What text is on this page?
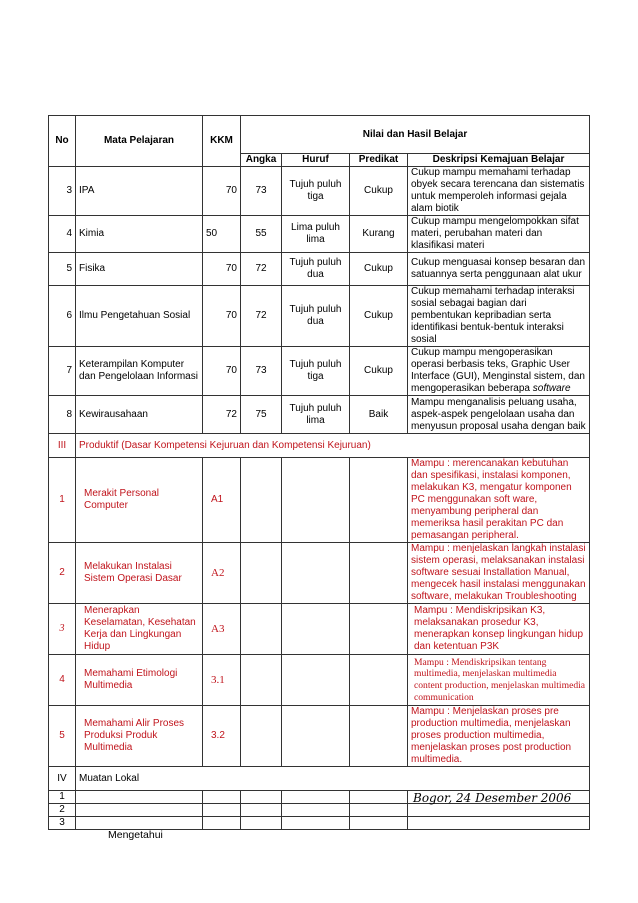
No	Mata Pelajaran	KKM	Nilai dan Hasil Belajar			
			Angka	Huruf	Predikat	Deskripsi Kemajuan Belajar
3	IPA	70	73	Tujuh puluh tiga	Cukup	Cukup mampu memahami terhadap obyek secara terencana dan sistematis untuk memperoleh informasi gejala alam biotik
4	Kimia	50	55	Lima puluh lima	Kurang	Cukup mampu mengelompokkan sifat materi, perubahan materi dan klasifikasi materi
5	Fisika	70	72	Tujuh puluh dua	Cukup	Cukup menguasai konsep besaran dan satuannya serta penggunaan alat ukur
6	Ilmu Pengetahuan Sosial	70	72	Tujuh puluh dua	Cukup	Cukup memahami terhadap interaksi sosial sebagai bagian dari pembentukan kepribadian serta identifikasi bentuk-bentuk interaksi sosial
7	Keterampilan Komputer dan Pengelolaan Informasi	70	73	Tujuh puluh tiga	Cukup	Cukup mampu mengoperasikan operasi berbasis teks, Graphic User Interface (GUI), Menginstal sistem, dan mengoperasikan beberapa software
8	Kewirausahaan	72	75	Tujuh puluh lima	Baik	Mampu menganalisis peluang usaha, aspek-aspek pengelolaan usaha dan menyusun proposal usaha dengan baik
III	Produktif (Dasar Kompetensi Kejuruan dan Kompetensi Kejuruan)					
1	Merakit Personal Computer	A1				Mampu : merencanakan kebutuhan dan spesifikasi, instalasi komponen, melakukan K3, mengatur komponen PC menggunakan soft ware, menyambung peripheral dan memeriksa hasil perakitan PC dan pemasangan peripheral.
2	Melakukan Instalasi Sistem Operasi Dasar	A2				Mampu : menjelaskan langkah instalasi sistem operasi, melaksanakan instalasi software sesuai Installation Manual, mengecek hasil instalasi menggunakan software, melakukan Troubleshooting
3	Menerapkan Keselamatan, Kesehatan Kerja dan Lingkungan Hidup	A3				Mampu : Mendiskripsikan K3, melaksanakan prosedur K3, menerapkan konsep lingkungan hidup dan ketentuan P3K
4	Memahami Etimologi Multimedia	3.1				Mampu : Mendiskripsikan tentang multimedia, menjelaskan multimedia content production, menjelaskan multimedia communication
5	Memahami Alir Proses Produksi Produk Multimedia	3.2				Mampu : Menjelaskan proses pre production multimedia, menjelaskan proses production multimedia, menjelaskan proses post production multimedia.
IV	Muatan Lokal					
1						
2						
3						
Bogor, 24 Desember 2006
Mengetahui
